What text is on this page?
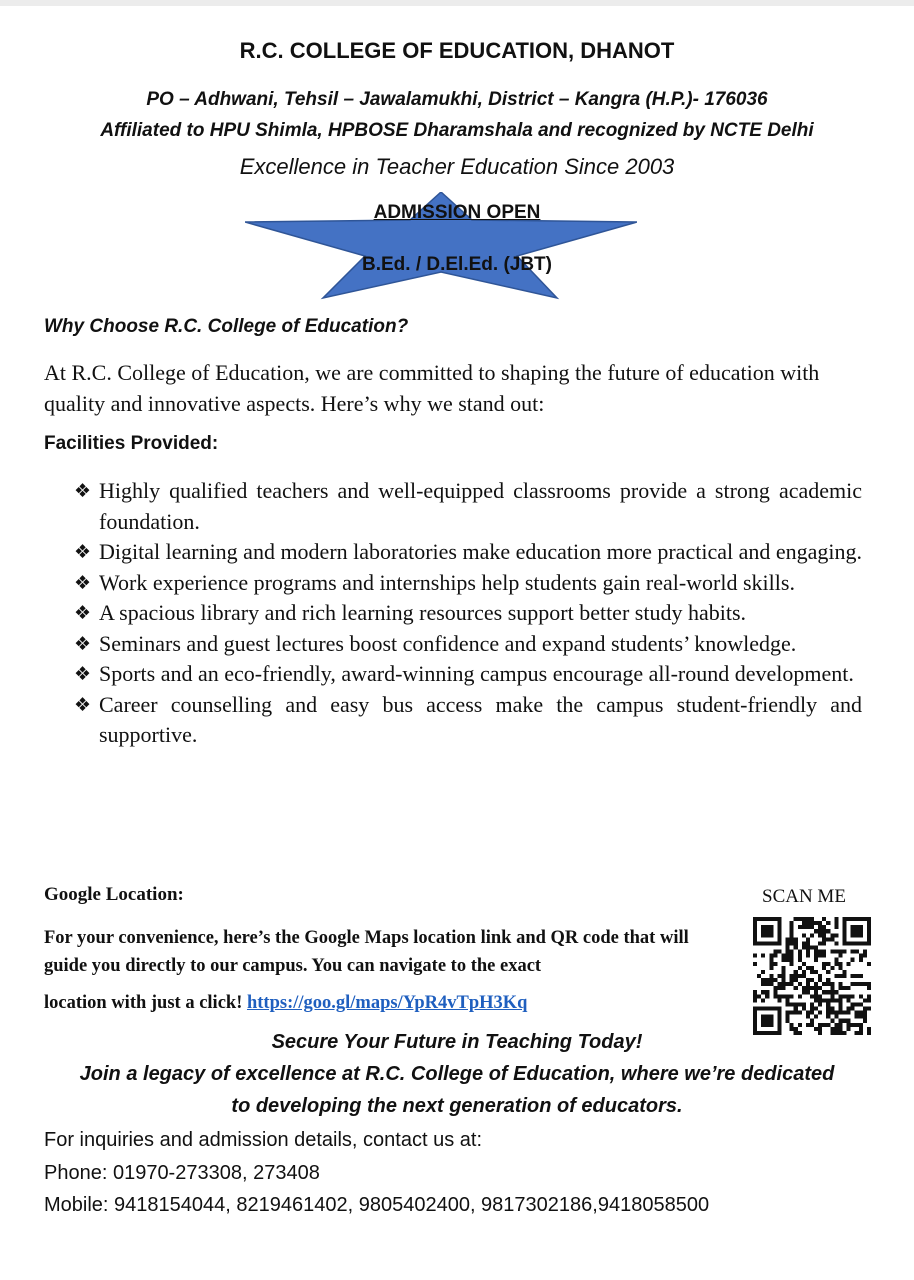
R.C. COLLEGE OF EDUCATION, DHANOT
PO – Adhwani, Tehsil – Jawalamukhi, District – Kangra (H.P.)- 176036
Affiliated to HPU Shimla, HPBOSE Dharamshala and recognized by NCTE Delhi
Excellence in Teacher Education Since 2003
ADMISSION OPEN
B.Ed. / D.El.Ed. (JBT)
Why Choose R.C. College of Education?
At R.C. College of Education, we are committed to shaping the future of education with quality and innovative aspects. Here’s why we stand out:
Facilities Provided:
❖ Highly qualified teachers and well-equipped classrooms provide a strong academic foundation.
❖ Digital learning and modern laboratories make education more practical and engaging.
❖ Work experience programs and internships help students gain real-world skills.
❖ A spacious library and rich learning resources support better study habits.
❖ Seminars and guest lectures boost confidence and expand students’ knowledge.
❖ Sports and an eco-friendly, award-winning campus encourage all-round development.
❖ Career counselling and easy bus access make the campus student-friendly and supportive.
Google Location:
For your convenience, here’s the Google Maps location link and QR code that will guide you directly to our campus. You can navigate to the exact
location with just a click! https://goo.gl/maps/YpR4vTpH3Kq
SCAN ME
Secure Your Future in Teaching Today!
Join a legacy of excellence at R.C. College of Education, where we’re dedicated
to developing the next generation of educators.
For inquiries and admission details, contact us at:
Phone: 01970-273308, 273408
Mobile: 9418154044, 8219461402, 9805402400, 9817302186,9418058500
